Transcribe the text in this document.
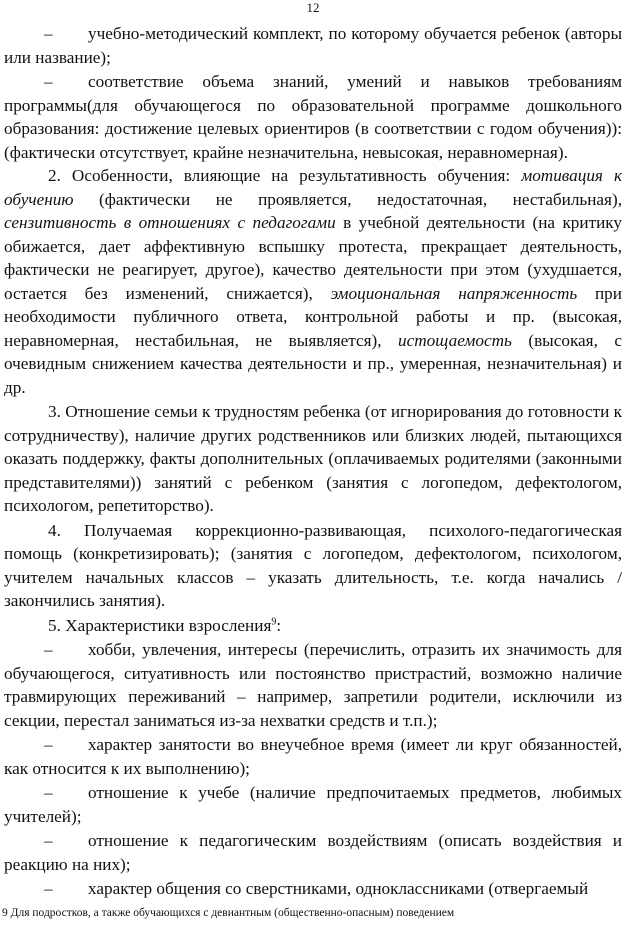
12

– учебно-методический комплект, по которому обучается ребенок (авторы или название);

– соответствие объема знаний, умений и навыков требованиям программы(для обучающегося по образовательной программе дошкольного образования: достижение целевых ориентиров (в соответствии с годом обучения)): (фактически отсутствует, крайне незначительна, невысокая, неравномерная).

2. Особенности, влияющие на результативность обучения: мотивация к обучению (фактически не проявляется, недостаточная, нестабильная), сензитивность в отношениях с педагогами в учебной деятельности (на критику обижается, дает аффективную вспышку протеста, прекращает деятельность, фактически не реагирует, другое), качество деятельности при этом (ухудшается, остается без изменений, снижается), эмоциональная напряженность при необходимости публичного ответа, контрольной работы и пр. (высокая, неравномерная, нестабильная, не выявляется), истощаемость (высокая, с очевидным снижением качества деятельности и пр., умеренная, незначительная) и др.

3. Отношение семьи к трудностям ребенка (от игнорирования до готовности к сотрудничеству), наличие других родственников или близких людей, пытающихся оказать поддержку, факты дополнительных (оплачиваемых родителями (законными представителями)) занятий с ребенком (занятия с логопедом, дефектологом, психологом, репетиторство).

4. Получаемая коррекционно-развивающая, психолого-педагогическая помощь (конкретизировать); (занятия с логопедом, дефектологом, психологом, учителем начальных классов – указать длительность, т.е. когда начались /закончились занятия).

5. Характеристики взросления$^9$:

– хобби, увлечения, интересы (перечислить, отразить их значимость для обучающегося, ситуативность или постоянство пристрастий, возможно наличие травмирующих переживаний – например, запретили родители, исключили из секции, перестал заниматься из-за нехватки средств и т.п.);

– характер занятости во внеучебное время (имеет ли круг обязанностей, как относится к их выполнению);

– отношение к учебе (наличие предпочитаемых предметов, любимых учителей);

– отношение к педагогическим воздействиям (описать воздействия и реакцию на них);

– характер общения со сверстниками, одноклассниками (отвергаемый

9 Для подростков, а также обучающихся с девиантным (общественно-опасным) поведением
